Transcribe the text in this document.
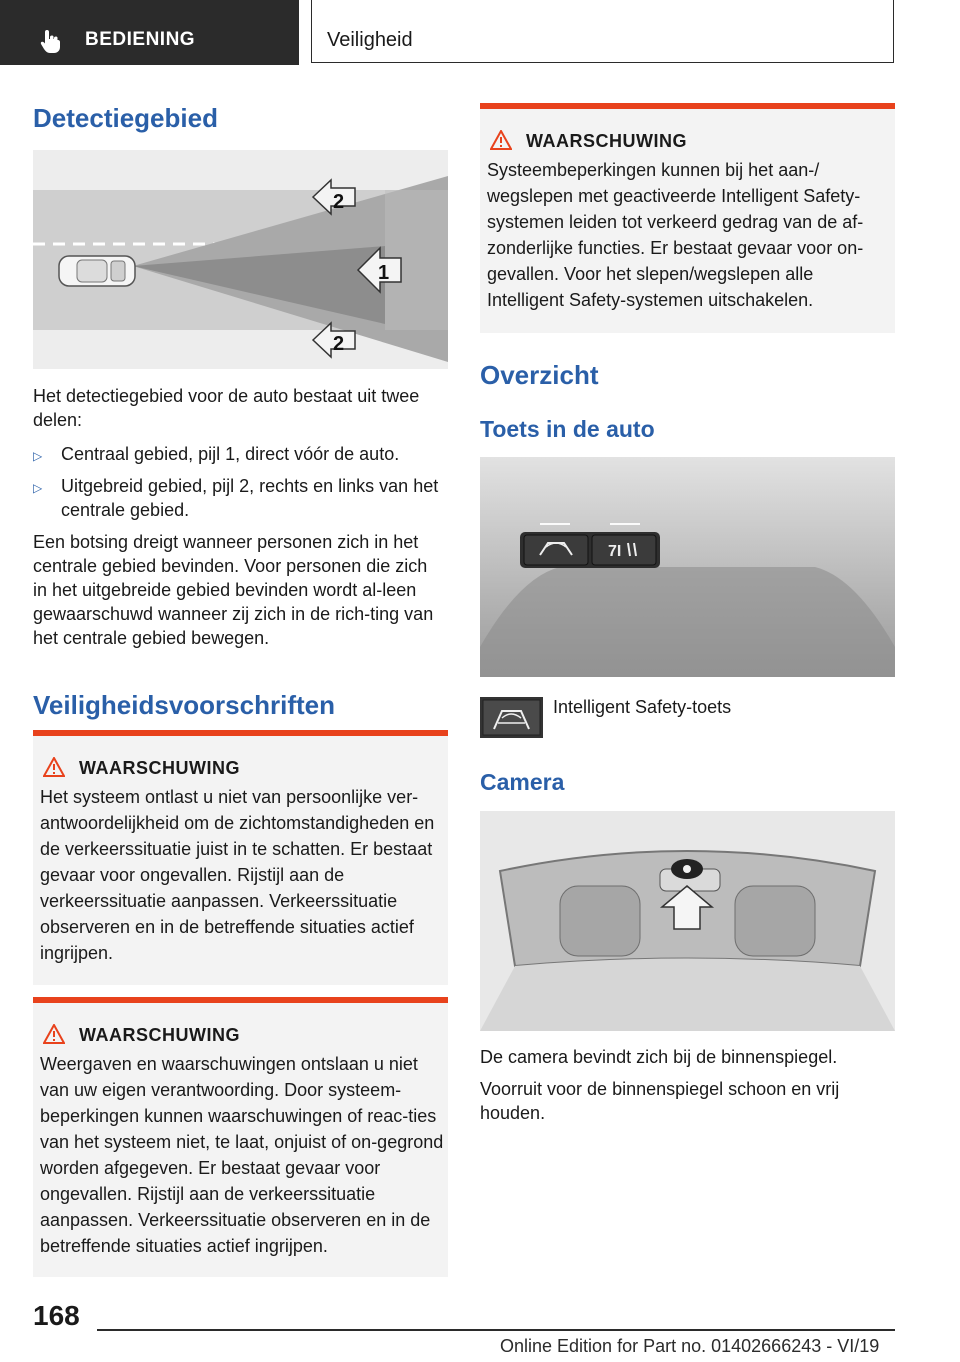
BEDIENING	Veiligheid
Detectiegebied
2
1
2

Het detectiegebied voor de auto bestaat uit twee delen:

▷ Centraal gebied, pijl 1, direct vóór de auto.
▷ Uitgebreid gebied, pijl 2, rechts en links van het centrale gebied.

Een botsing dreigt wanneer personen zich in het centrale gebied bevinden. Voor personen die zich in het uitgebreide gebied bevinden wordt al-leen gewaarschuwd wanneer zij zich in de rich-ting van het centrale gebied bewegen.

Veiligheidsvoorschriften
WAARSCHUWING

Het systeem ontlast u niet van persoonlijke ver-antwoordelijkheid om de zichtomstandigheden en de verkeerssituatie juist in te schatten. Er bestaat gevaar voor ongevallen. Rijstijl aan de verkeerssituatie aanpassen. Verkeerssituatie observeren en in de betreffende situaties actief ingrijpen.

WAARSCHUWING

Weergaven en waarschuwingen ontslaan u niet van uw eigen verantwoording. Door systeem-beperkingen kunnen waarschuwingen of reac-ties van het systeem niet, te laat, onjuist of on-gegrond worden afgegeven. Er bestaat gevaar voor ongevallen. Rijstijl aan de verkeerssituatie aanpassen. Verkeerssituatie observeren en in de betreffende situaties actief ingrijpen.

WAARSCHUWING

Systeembeperkingen kunnen bij het aan-/ wegslepen met geactiveerde Intelligent Safety-systemen leiden tot verkeerd gedrag van de af-zonderlijke functies. Er bestaat gevaar voor on-gevallen. Voor het slepen/wegslepen alle Intelligent Safety-systemen uitschakelen.

Overzicht
Toets in de auto
7I
Intelligent Safety-toets
Camera

De camera bevindt zich bij de binnenspiegel.

Voorruit voor de binnenspiegel schoon en vrij houden.

168
Online Edition for Part no. 01402666243 - VI/19
